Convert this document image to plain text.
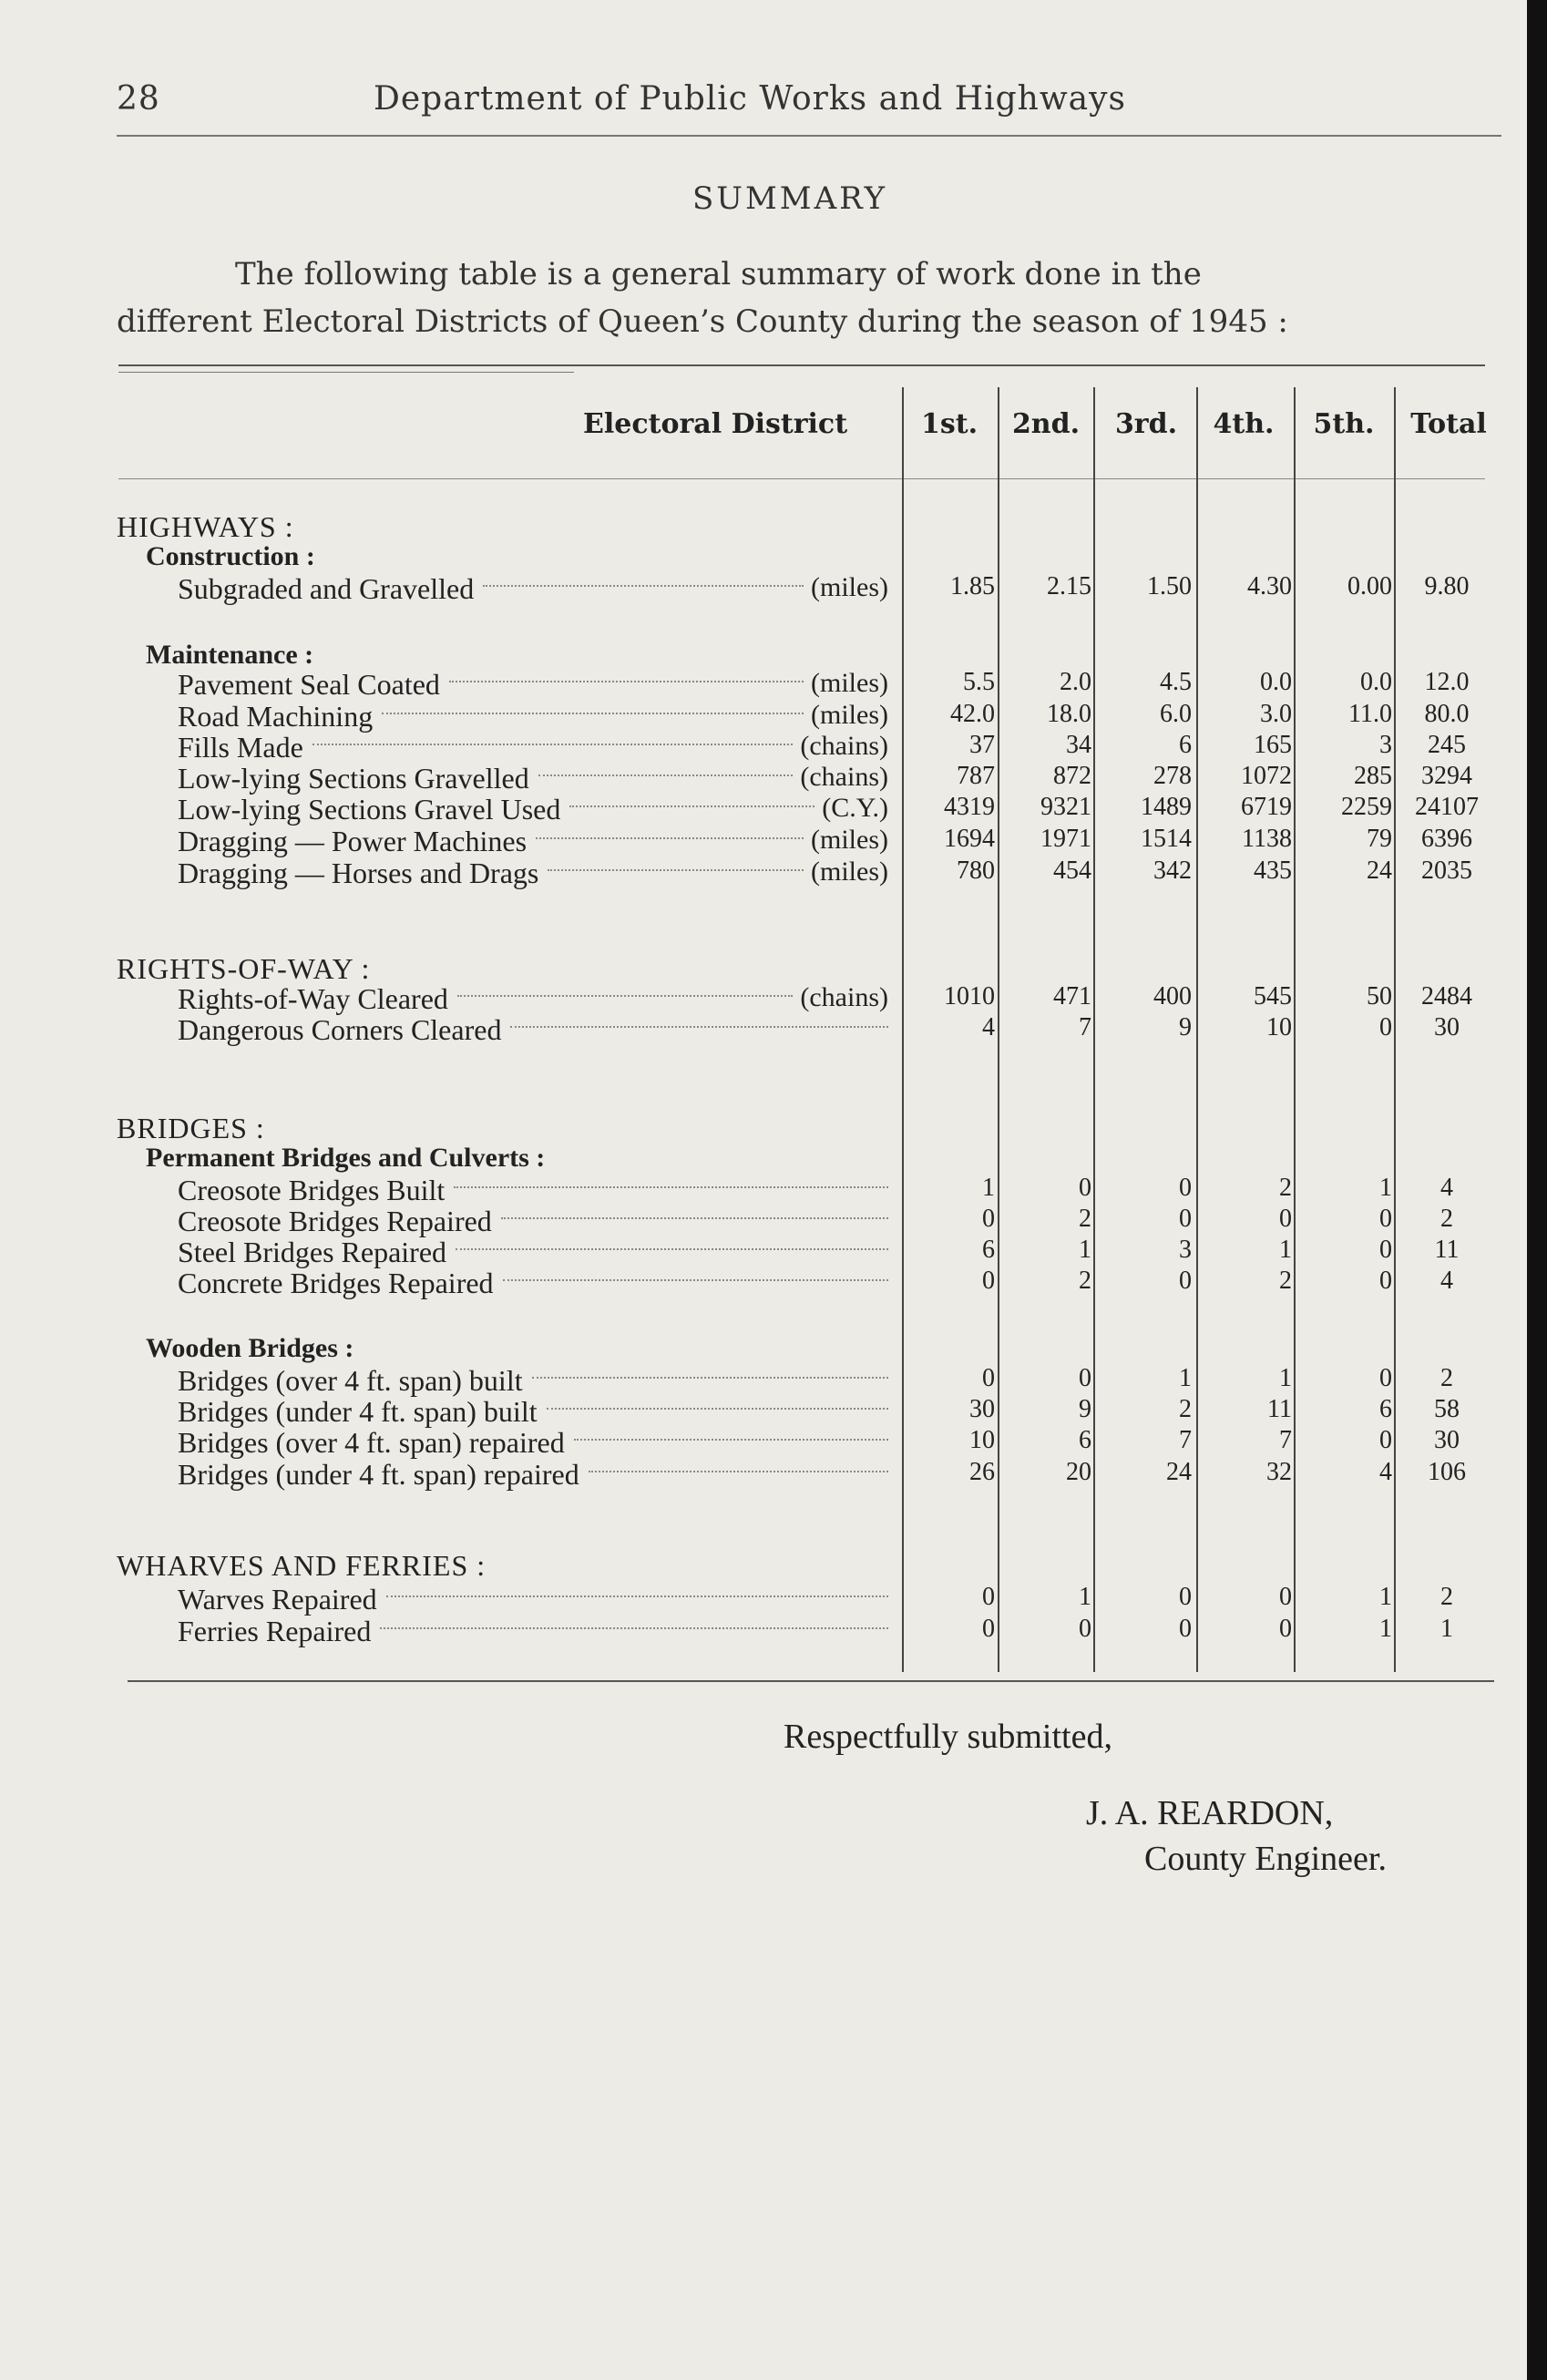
28	Department of Public Works and Highways
SUMMARY
The following table is a general summary of work done in the
different Electoral Districts of Queen’s County during the season of 1945 :
Electoral District	1st.	2nd.	3rd.	4th.	5th.	Total
HIGHWAYS :
Construction :
Subgraded and Gravelled	(miles)	1.85	2.15	1.50	4.30	0.00	9.80
Maintenance :
Pavement Seal Coated	(miles)	5.5	2.0	4.5	0.0	0.0	12.0
Road Machining	(miles)	42.0	18.0	6.0	3.0	11.0	80.0
Fills Made	(chains)	37	34	6	165	3	245
Low-lying Sections Gravelled	(chains)	787	872	278	1072	285	3294
Low-lying Sections Gravel Used	(C.Y.)	4319	9321	1489	6719	2259 24107
Dragging — Power Machines	(miles)	1694	1971	1514	1138	79	6396
Dragging — Horses and Drags	(miles)	780	454	342	435	24	2035
RIGHTS-OF-WAY :
Rights-of-Way Cleared	(chains)	1010	471	400	545	50	2484
Dangerous Corners Cleared	4	7	9	10	0	30
BRIDGES :
Permanent Bridges and Culverts :
Creosote Bridges Built	1	0	0	2	1	4
Creosote Bridges Repaired	0	2	0	0	0	2
Steel Bridges Repaired	6	1	3	1	0	11
Concrete Bridges Repaired	0	2	0	2	0	4
Wooden Bridges :
Bridges (over 4 ft. span) built	0	0	1	1	0	2
Bridges (under 4 ft. span) built	30	9	2	11	6	58
Bridges (over 4 ft. span) repaired	10	6	7	7	0	30
Bridges (under 4 ft. span) repaired	26	20	24	32	4	106
WHARVES AND FERRIES :
Warves Repaired	0	1	0	0	1	2
Ferries Repaired	0	0	0	0	1	1
Respectfully submitted,
J. A. REARDON,
County Engineer.
